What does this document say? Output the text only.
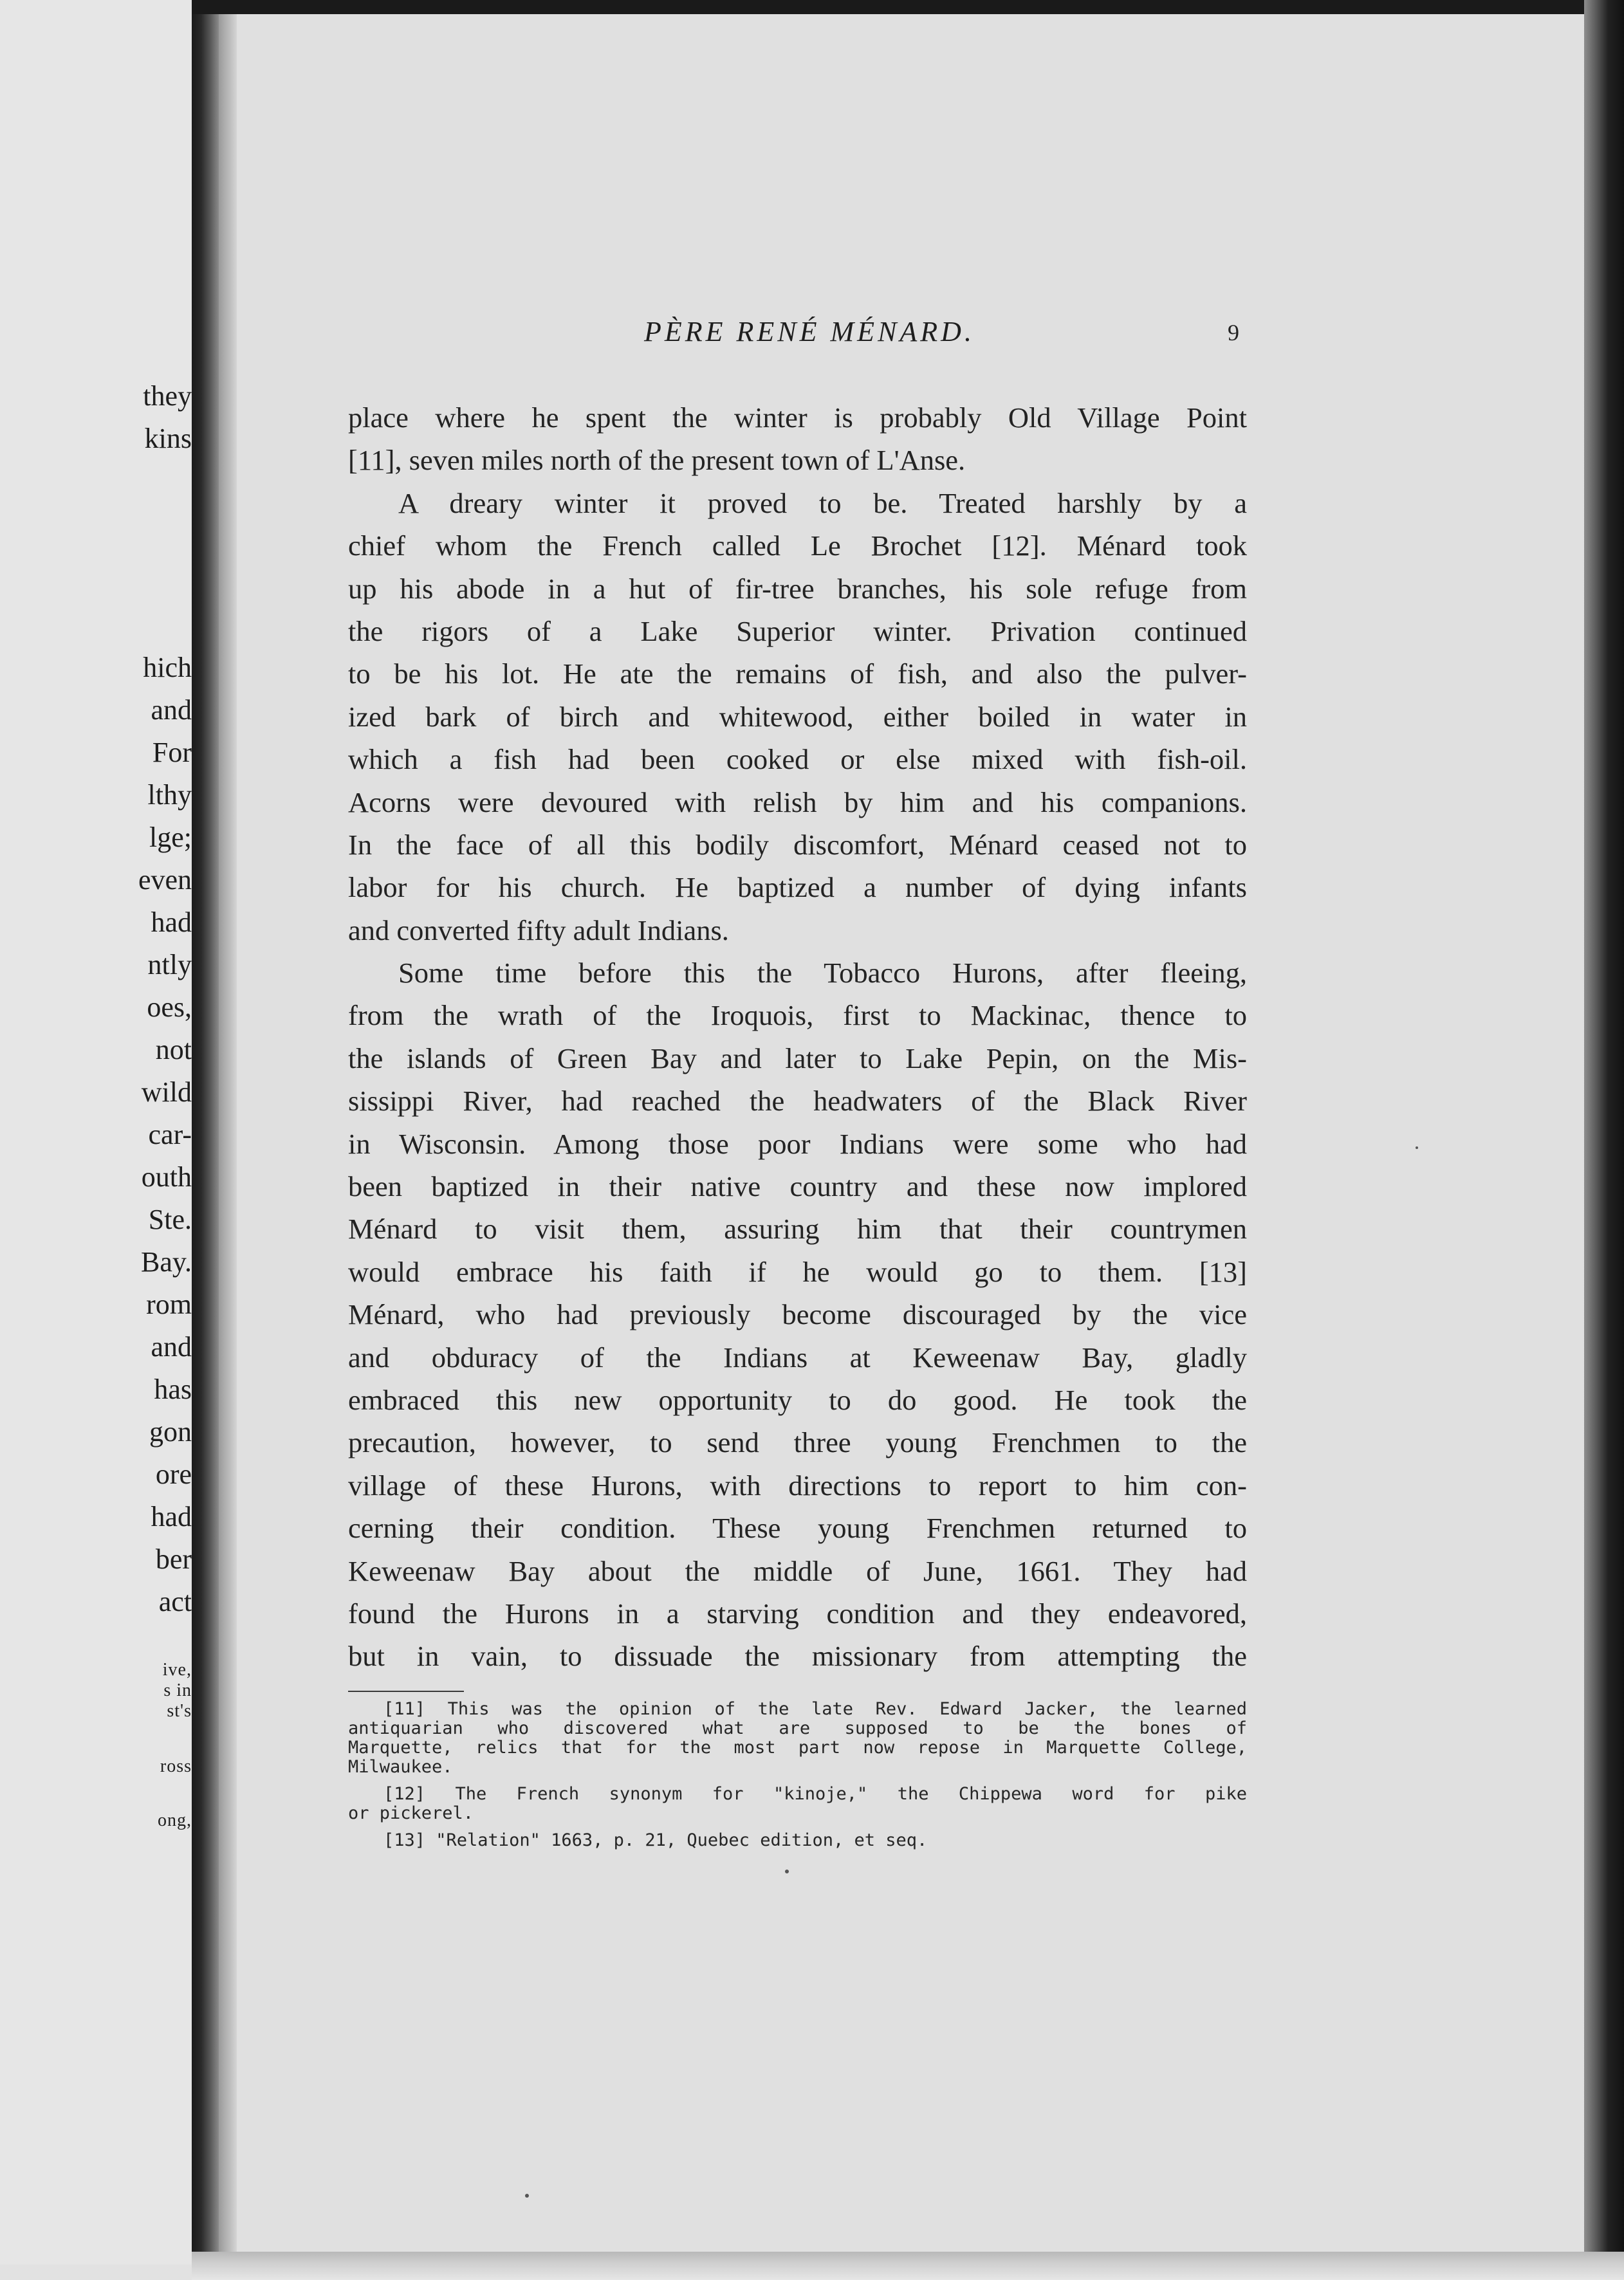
they

kins

hich

and

For

lthy

lge;

even

had

ntly

oes,

not

wild

car-

outh

Ste.

Bay.

rom

and

has

gon

ore

had

ber

act

ive,

s in

st's

ross

ong,

PÈRE RENÉ MÉNARD.	9
place where he spent the winter is probably Old Village Point
[11], seven miles north of the present town of L'Anse.
A dreary winter it proved to be. Treated harshly by a
chief whom the French called Le Brochet [12]. Ménard took
up his abode in a hut of fir-tree branches, his sole refuge from
the rigors of a Lake Superior winter. Privation continued
to be his lot. He ate the remains of fish, and also the pulver-
ized bark of birch and whitewood, either boiled in water in
which a fish had been cooked or else mixed with fish-oil.
Acorns were devoured with relish by him and his companions.
In the face of all this bodily discomfort, Ménard ceased not to
labor for his church. He baptized a number of dying infants
and converted fifty adult Indians.
Some time before this the Tobacco Hurons, after fleeing,
from the wrath of the Iroquois, first to Mackinac, thence to
the islands of Green Bay and later to Lake Pepin, on the Mis-
sissippi River, had reached the headwaters of the Black River
in Wisconsin. Among those poor Indians were some who had
been baptized in their native country and these now implored
Ménard to visit them, assuring him that their countrymen
would embrace his faith if he would go to them. [13]
Ménard, who had previously become discouraged by the vice
and obduracy of the Indians at Keweenaw Bay, gladly
embraced this new opportunity to do good. He took the
precaution, however, to send three young Frenchmen to the
village of these Hurons, with directions to report to him con-
cerning their condition. These young Frenchmen returned to
Keweenaw Bay about the middle of June, 1661. They had
found the Hurons in a starving condition and they endeavored,
but in vain, to dissuade the missionary from attempting the
[11] This was the opinion of the late Rev. Edward Jacker, the learned
antiquarian who discovered what are supposed to be the bones of
Marquette, relics that for the most part now repose in Marquette College,
Milwaukee.
[12] The French synonym for "kinoje," the Chippewa word for pike
or pickerel.
[13] "Relation" 1663, p. 21, Quebec edition, et seq.
